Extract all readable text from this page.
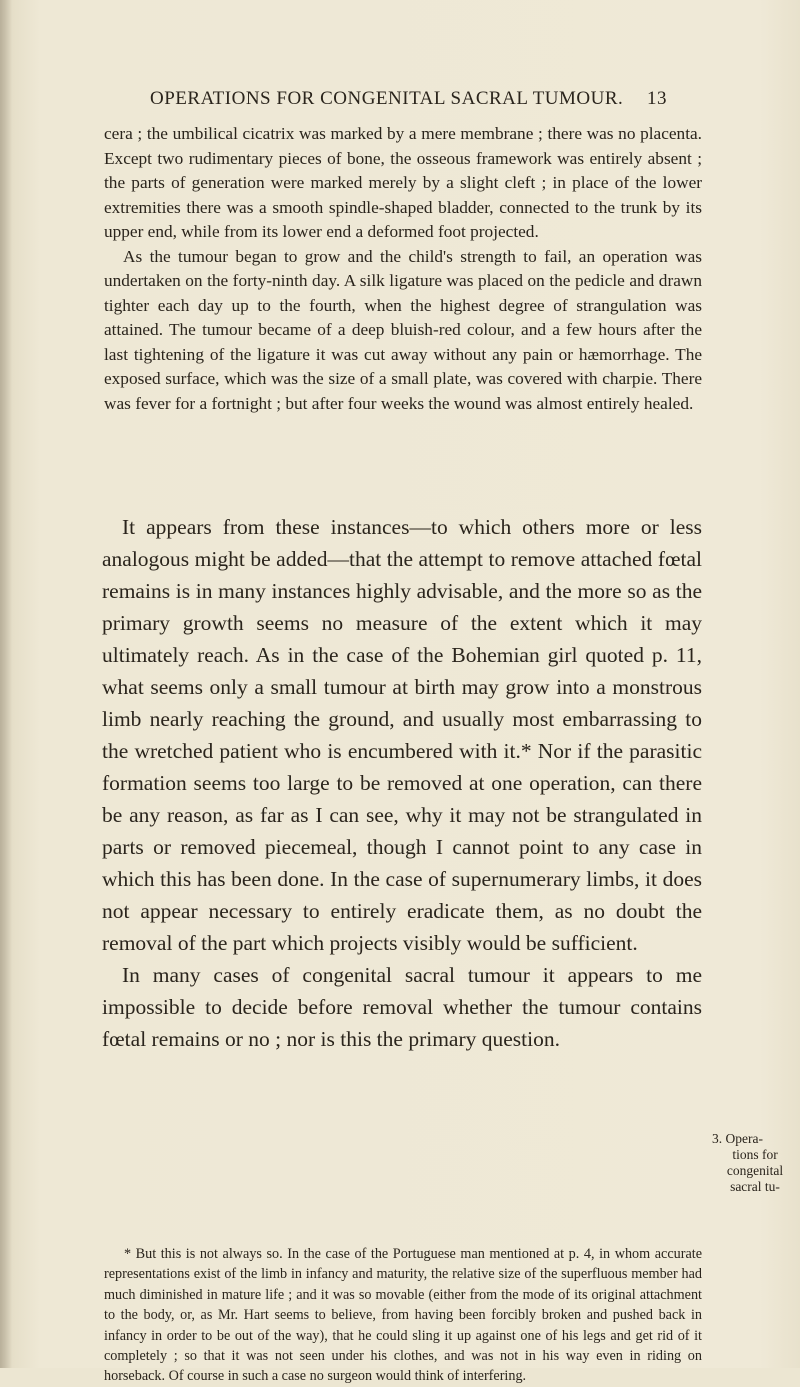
OPERATIONS FOR CONGENITAL SACRAL TUMOUR. 13

cera ; the umbilical cicatrix was marked by a mere membrane ; there was no placenta. Except two rudimentary pieces of bone, the osseous framework was entirely absent ; the parts of generation were marked merely by a slight cleft ; in place of the lower extremities there was a smooth spindle-shaped bladder, connected to the trunk by its upper end, while from its lower end a deformed foot projected.

As the tumour began to grow and the child's strength to fail, an operation was undertaken on the forty-ninth day. A silk ligature was placed on the pedicle and drawn tighter each day up to the fourth, when the highest degree of strangulation was attained. The tumour became of a deep bluish-red colour, and a few hours after the last tightening of the ligature it was cut away without any pain or hæmorrhage. The exposed surface, which was the size of a small plate, was covered with charpie. There was fever for a fortnight ; but after four weeks the wound was almost entirely healed.

It appears from these instances—to which others more or less analogous might be added—that the attempt to remove attached fœtal remains is in many instances highly advisable, and the more so as the primary growth seems no measure of the extent which it may ultimately reach. As in the case of the Bohemian girl quoted p. 11, what seems only a small tumour at birth may grow into a monstrous limb nearly reaching the ground, and usually most embarrassing to the wretched patient who is encumbered with it.* Nor if the parasitic formation seems too large to be removed at one operation, can there be any reason, as far as I can see, why it may not be strangulated in parts or removed piecemeal, though I cannot point to any case in which this has been done. In the case of supernumerary limbs, it does not appear necessary to entirely eradicate them, as no doubt the removal of the part which projects visibly would be sufficient.

In many cases of congenital sacral tumour it appears to me impossible to decide before removal whether the tumour contains fœtal remains or no ; nor is this the primary question.

3. Opera-
tions for
congenital
sacral tu-

* But this is not always so. In the case of the Portuguese man mentioned at p. 4, in whom accurate representations exist of the limb in infancy and maturity, the relative size of the superfluous member had much diminished in mature life ; and it was so movable (either from the mode of its original attachment to the body, or, as Mr. Hart seems to believe, from having been forcibly broken and pushed back in infancy in order to be out of the way), that he could sling it up against one of his legs and get rid of it completely ; so that it was not seen under his clothes, and was not in his way even in riding on horseback. Of course in such a case no surgeon would think of interfering.
